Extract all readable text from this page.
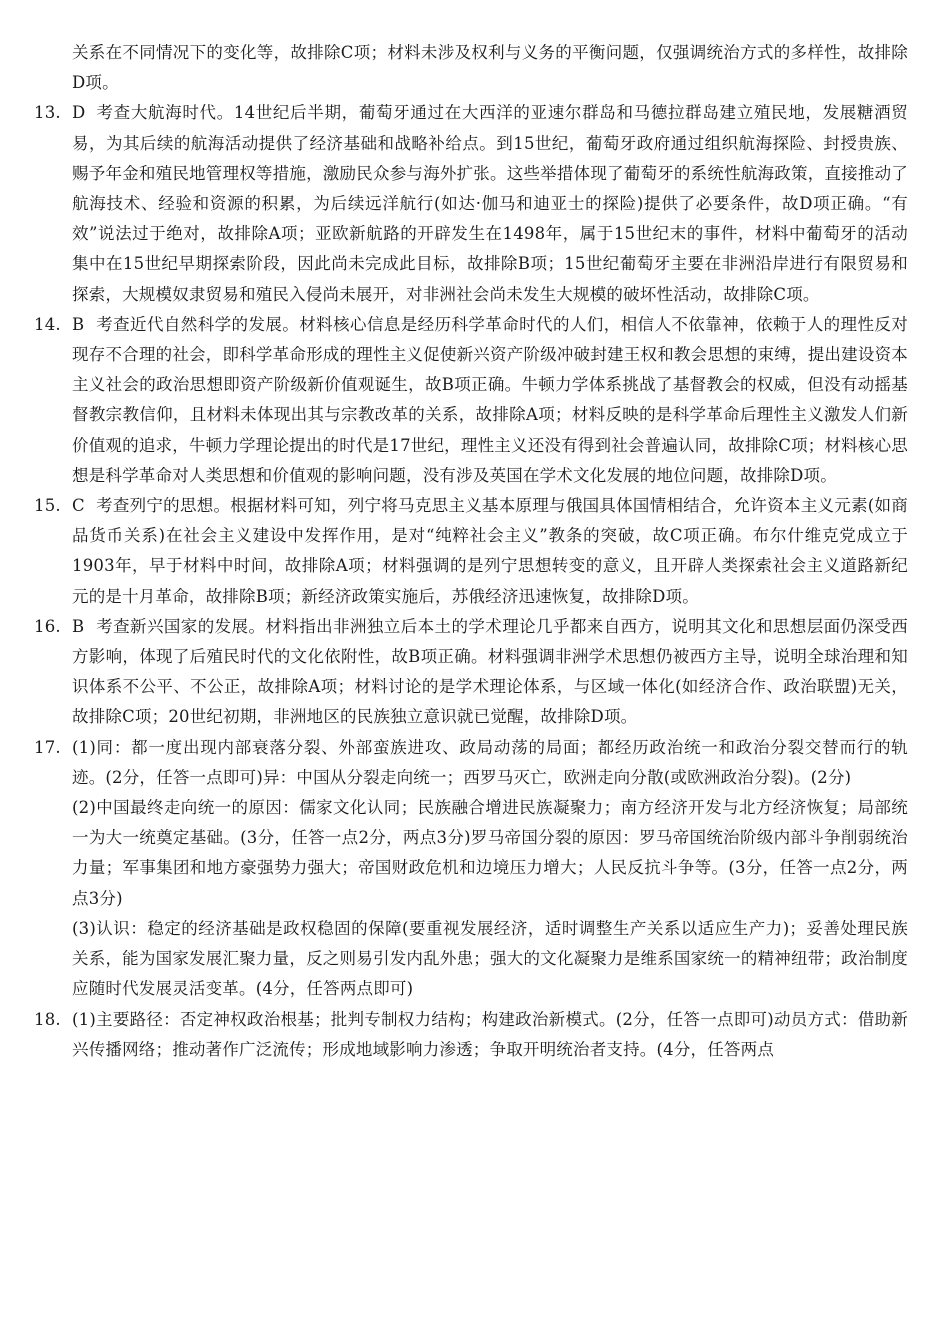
关系在不同情况下的变化等，故排除C项；材料未涉及权利与义务的平衡问题，仅强调统治方式的多样性，故排除D项。

13. D 考查大航海时代。14世纪后半期，葡萄牙通过在大西洋的亚速尔群岛和马德拉群岛建立殖民地，发展糖酒贸易，为其后续的航海活动提供了经济基础和战略补给点。到15世纪，葡萄牙政府通过组织航海探险、封授贵族、赐予年金和殖民地管理权等措施，激励民众参与海外扩张。这些举措体现了葡萄牙的系统性航海政策，直接推动了航海技术、经验和资源的积累，为后续远洋航行(如达·伽马和迪亚士的探险)提供了必要条件，故D项正确。“有效”说法过于绝对，故排除A项；亚欧新航路的开辟发生在1498年，属于15世纪末的事件，材料中葡萄牙的活动集中在15世纪早期探索阶段，因此尚未完成此目标，故排除B项；15世纪葡萄牙主要在非洲沿岸进行有限贸易和探索，大规模奴隶贸易和殖民入侵尚未展开，对非洲社会尚未发生大规模的破坏性活动，故排除C项。
14. B 考查近代自然科学的发展。材料核心信息是经历科学革命时代的人们，相信人不依靠神，依赖于人的理性反对现存不合理的社会，即科学革命形成的理性主义促使新兴资产阶级冲破封建王权和教会思想的束缚，提出建设资本主义社会的政治思想即资产阶级新价值观诞生，故B项正确。牛顿力学体系挑战了基督教会的权威，但没有动摇基督教宗教信仰，且材料未体现出其与宗教改革的关系，故排除A项；材料反映的是科学革命后理性主义激发人们新价值观的追求，牛顿力学理论提出的时代是17世纪，理性主义还没有得到社会普遍认同，故排除C项；材料核心思想是科学革命对人类思想和价值观的影响问题，没有涉及英国在学术文化发展的地位问题，故排除D项。
15. C 考查列宁的思想。根据材料可知，列宁将马克思主义基本原理与俄国具体国情相结合，允许资本主义元素(如商品货币关系)在社会主义建设中发挥作用，是对“纯粹社会主义”教条的突破，故C项正确。布尔什维克党成立于1903年，早于材料中时间，故排除A项；材料强调的是列宁思想转变的意义，且开辟人类探索社会主义道路新纪元的是十月革命，故排除B项；新经济政策实施后，苏俄经济迅速恢复，故排除D项。
16. B 考查新兴国家的发展。材料指出非洲独立后本土的学术理论几乎都来自西方，说明其文化和思想层面仍深受西方影响，体现了后殖民时代的文化依附性，故B项正确。材料强调非洲学术思想仍被西方主导，说明全球治理和知识体系不公平、不公正，故排除A项；材料讨论的是学术理论体系，与区域一体化(如经济合作、政治联盟)无关，故排除C项；20世纪初期，非洲地区的民族独立意识就已觉醒，故排除D项。
17. (1)同：都一度出现内部衰落分裂、外部蛮族进攻、政局动荡的局面；都经历政治统一和政治分裂交替而行的轨迹。(2分，任答一点即可)异：中国从分裂走向统一；西罗马灭亡，欧洲走向分散(或欧洲政治分裂)。(2分)

(2)中国最终走向统一的原因：儒家文化认同；民族融合增进民族凝聚力；南方经济开发与北方经济恢复；局部统一为大一统奠定基础。(3分，任答一点2分，两点3分)罗马帝国分裂的原因：罗马帝国统治阶级内部斗争削弱统治力量；军事集团和地方豪强势力强大；帝国财政危机和边境压力增大；人民反抗斗争等。(3分，任答一点2分，两点3分)

(3)认识：稳定的经济基础是政权稳固的保障(要重视发展经济，适时调整生产关系以适应生产力)；妥善处理民族关系，能为国家发展汇聚力量，反之则易引发内乱外患；强大的文化凝聚力是维系国家统一的精神纽带；政治制度应随时代发展灵活变革。(4分，任答两点即可)

18. (1)主要路径：否定神权政治根基；批判专制权力结构；构建政治新模式。(2分，任答一点即可)动员方式：借助新兴传播网络；推动著作广泛流传；形成地域影响力渗透；争取开明统治者支持。(4分，任答两点
